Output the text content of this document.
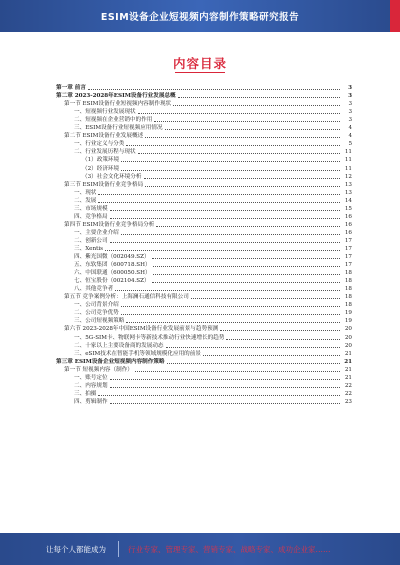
ESIM设备企业短视频内容制作策略研究报告
内容目录
第一章 前言	3
第二章 2023-2028年ESIM设备行业发展总概	3
第一节 ESIM设备行业短视频内容制作现状	3
一、短视频行业发展现状	3
二、短视频在企业营销中的作用	3
三、ESIM设备行业短视频应用情况	4
第二节 ESIM设备行业发展概述	4
一、行业定义与分类	5
二、行业发展历程与现状	11
（1）政策环境	11
（2）经济环境	11
（3）社会文化环境分析	12
第三节 ESIM设备行业竞争格局	13
一、现状	13
二、发展	14
三、市场规模	15
四、竞争格局	16
第四节 ESIM设备行业竞争格局分析	16
一、主要企业介绍	16
二、创新公司	17
三、Xentis	17
四、紫光国微（002049.SZ）	17
五、东软集团（600718.SH）	17
六、中国联通（600050.SH）	18
七、恒宝股份（002104.SZ）	18
八、其他竞争者	18
第五节 竞争案例分析：上海澜石通信科技有限公司	18
一、公司背景介绍	18
二、公司竞争优势	19
三、公司短视频策略	19
第六节 2023-2028年中国ESIM设备行业发展前景与趋势预测	20
一、5G-SIM卡、物联网卡等新技术推动行业快速增长的趋势	20
二、十家以上主要设备商的发展动态	20
三、eSIM技术在智能手机等领域规模化应用的前景	21
第三章 ESIM设备企业短视频内容制作策略	21
第一节 短视频内容（制作）	21
一、账号定位	21
二、内容规划	22
三、拍摄	22
四、剪辑制作	23
让每个人都能成为	行业专家、管理专家、营销专家、战略专家、成功企业家……
